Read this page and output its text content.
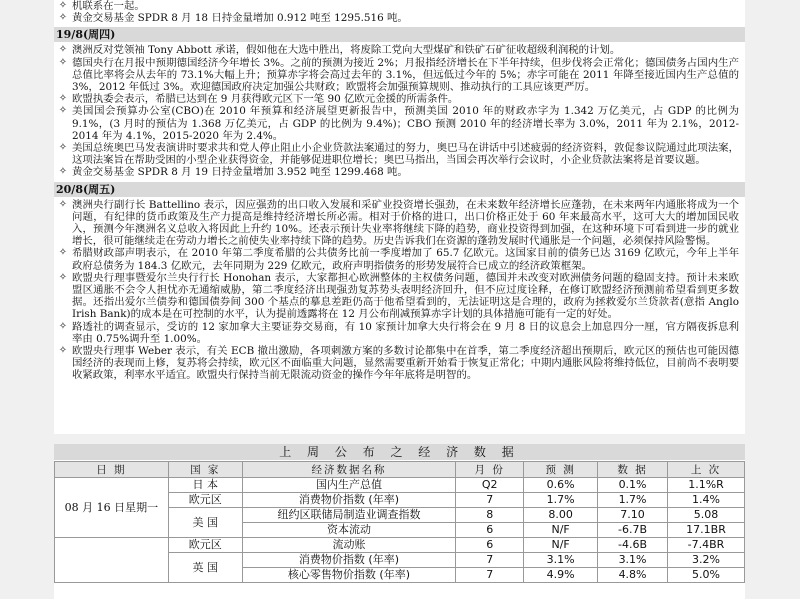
✧ 机联系在一起。
✧ 黄金交易基金 SPDR 8 月 18 日持金量增加 0.912 吨至 1295.516 吨。
19/8(周四)
✧ 澳洲反对党领袖 Tony Abbott 承诺，假如他在大选中胜出，将废除工党向大型煤矿和铁矿石矿征收超级利润税的计划。
✧ 德国央行在月报中预期德国经济今年增长 3%。之前的预测为接近 2%；月报指经济增长在下半年持续，但步伐将会正常化；德国债务占国内生产总值比率将会从去年的 73.1%大幅上升；预算赤字将会高过去年的 3.1%，但远低过今年的 5%；赤字可能在 2011 年降至接近国内生产总值的 3%，2012 年低过 3%。欢迎德国政府决定加强公共财政；欧盟将会加强预算规则、推动执行的工具应该更严厉。
✧ 欧盟执委会表示，希腊已达到在 9 月获得欧元区下一笔 90 亿欧元金援的所需条件。
✧ 美国国会预算办公室(CBO)在 2010 年预算和经济展望更新报告中，预测美国 2010 年的财政赤字为 1.342 万亿美元，占 GDP 的比例为 9.1%，(3 月时的预估为 1.368 万亿美元，占 GDP 的比例为 9.4%)；CBO 预测 2010 年的经济增长率为 3.0%，2011 年为 2.1%，2012-2014 年为 4.1%，2015-2020 年为 2.4%。
✧ 美国总统奥巴马发表演讲时要求共和党人停止阻止小企业贷款法案通过的努力，奥巴马在讲话中引述疲弱的经济资料，敦促参议院通过此项法案，这项法案旨在帮助受困的小型企业获得资金，并能够促进职位增长；奥巴马指出，当国会再次举行会议时，小企业贷款法案将是首要议题。
✧ 黄金交易基金 SPDR 8 月 19 日持金量增加 3.952 吨至 1299.468 吨。
20/8(周五)
✧ 澳洲央行副行长 Battellino 表示，因应强劲的出口收入发展和采矿业投资增长强劲，在未来数年经济增长应蓬勃，在未来两年内通胀将成为一个问题，有纪律的货币政策及生产力提高是维持经济增长所必需。相对于价格的进口，出口价格正处于 60 年来最高水平，这可大大的增加国民收入，预测今年澳洲名义总收入将因此上升约 10%。还表示预计失业率将继续下降的趋势，商业投资得到加强，在这种环境下可看到进一步的就业增长，很可能继续走在劳动力增长之前使失业率持续下降的趋势。历史告诉我们在资源的蓬勃发展时代通胀是一个问题，必须保持风险警惕。
✧ 希腊财政部声明表示，在 2010 年第二季度希腊的公共债务比前一季度增加了 65.7 亿欧元。这国家目前的债务已达 3169 亿欧元，今年上半年政府总债务为 184.3 亿欧元，去年同期为 229 亿欧元，政府声明指债务的形势发展符合已成立的经济政策框架。
✧ 欧盟央行理事暨爱尔兰央行行长 Honohan 表示，大家都担心欧洲整体的主权债务问题，德国并未改变对欧洲债务问题的稳固支持。预计未来欧盟区通胀不会令人担忧亦无通缩威胁，第二季度经济出现强劲复苏势头表明经济回升，但不应过度诠释，在修订欧盟经济预测前希望看到更多数据。还指出爱尔兰债券和德国债券间 300 个基点的摹息差距仍高于他希望看到的，无法证明这是合理的，政府为拯救爱尔兰贷款者(意指 Anglo Irish Bank)的成本是在可控制的水平，认为提前透露将在 12 月公布削减预算赤字计划的具体措施可能有一定的好处。
✧ 路透社的调查显示，受访的 12 家加拿大主要证券交易商，有 10 家预计加拿大央行将会在 9 月 8 日的议息会上加息四分一厘，官方隔夜拆息利率由 0.75%调升至 1.00%。
✧ 欧盟央行理事 Weber 表示，有关 ECB 撤出激励，各项刺激方案的多数讨论都集中在首季，第二季度经济超出预期后，欧元区的预估也可能因德国经济的表现而上修，复苏将会持续，欧元区不面临重大问题，显然需要重新开始看于恢复正常化；中期内通胀风险将维持低位，目前尚不表明要收紧政策，利率水平适宜。欧盟央行保持当前无限流动资金的操作今年年底将是明智的。
上 周 公 布 之 经 济 数 据
日 期	国 家	经济数据名称	月 份	预 测	数 据	上 次
08 月 16 日星期一	日 本	国内生产总值	Q2	0.6%	0.1%	1.1%R
	欧元区	消费物价指数 (年率)	7	1.7%	1.7%	1.4%
	美 国	纽约区联储局制造业调查指数	8	8.00	7.10	5.08
		资本流动	6	N/F	-6.7B	17.1BR
	欧元区	流动账	6	N/F	-4.6B	-7.4BR
	英 国	消费物价指数 (年率)	7	3.1%	3.1%	3.2%
		核心零售物价指数 (年率)	7	4.9%	4.8%	5.0%
